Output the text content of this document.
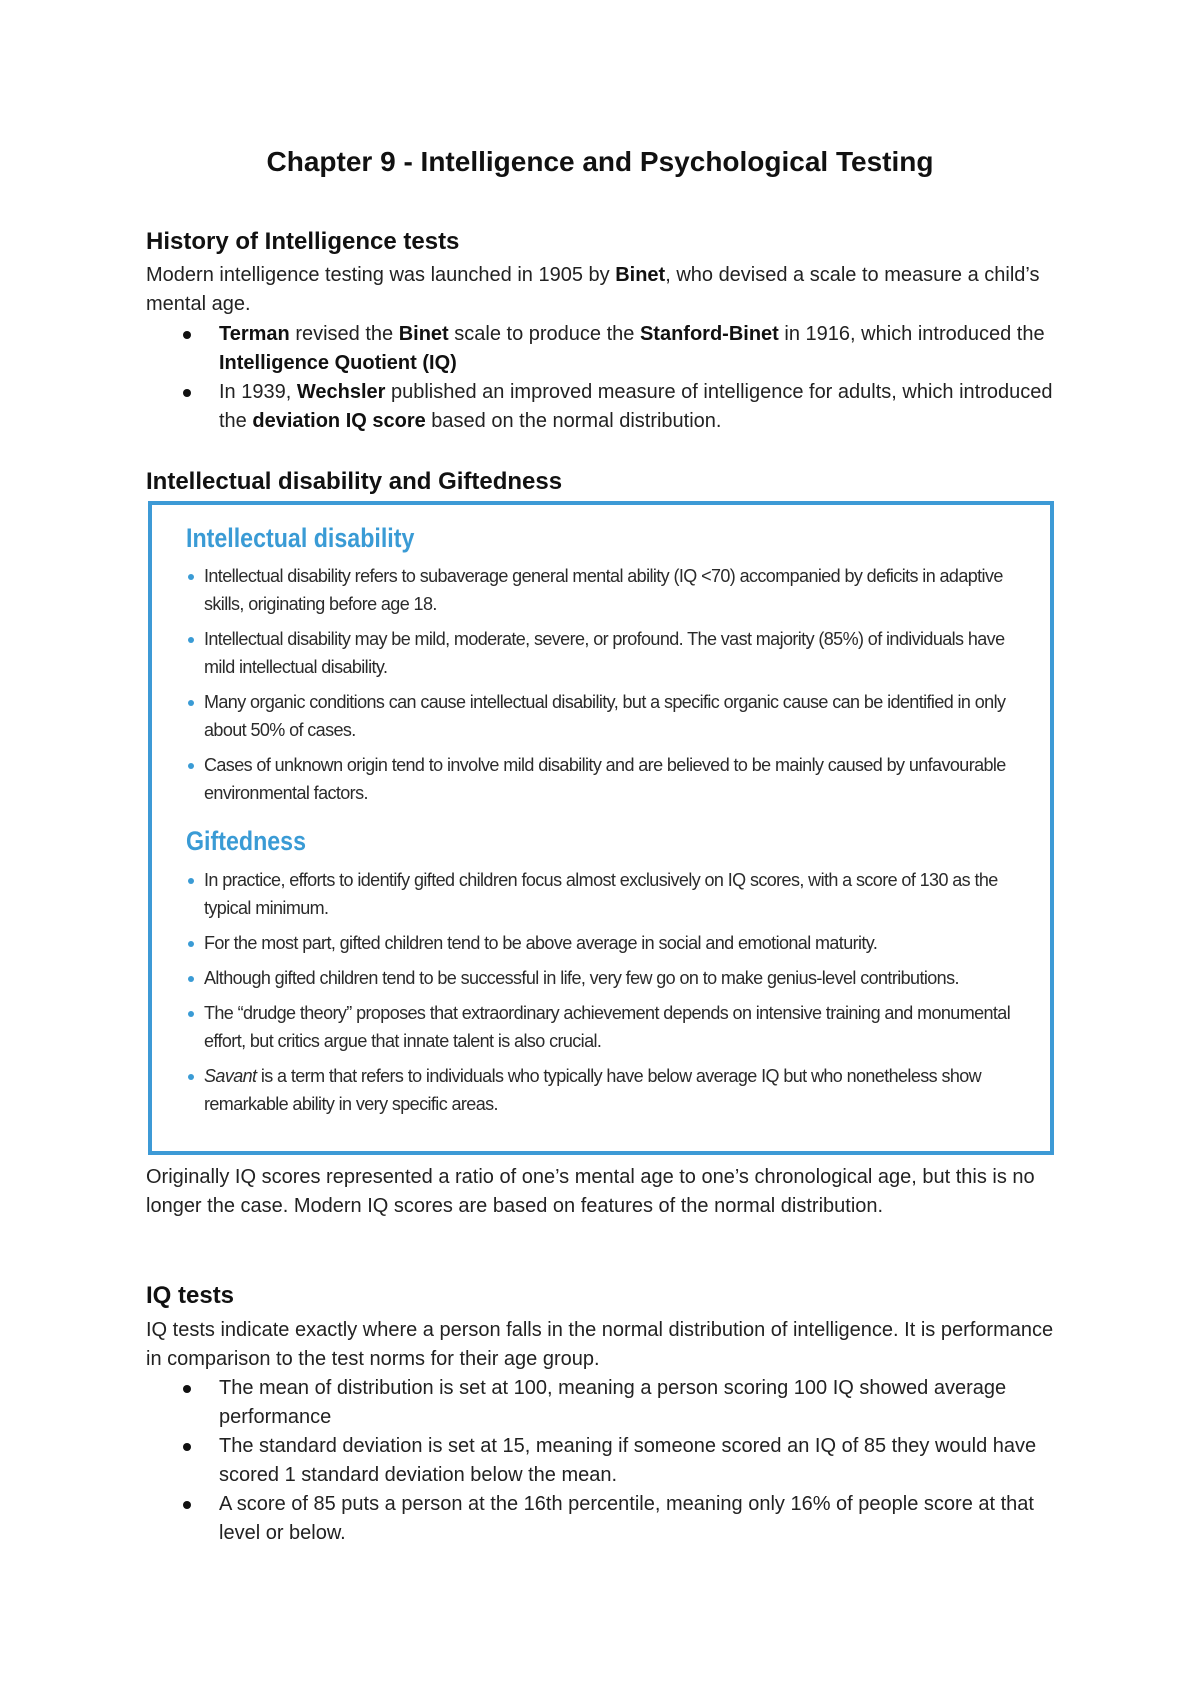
Chapter 9 - Intelligence and Psychological Testing
History of Intelligence tests

Modern intelligence testing was launched in 1905 by Binet, who devised a scale to measure a child’s mental age.

Terman revised the Binet scale to produce the Stanford-Binet in 1916, which introduced the Intelligence Quotient (IQ)
In 1939, Wechsler published an improved measure of intelligence for adults, which introduced the deviation IQ score based on the normal distribution.
Intellectual disability and Giftedness
Intellectual disability
Intellectual disability refers to subaverage general mental ability (IQ <70) accompanied by deficits in adaptive skills, originating before age 18.
Intellectual disability may be mild, moderate, severe, or profound. The vast majority (85%) of individuals have mild intellectual disability.
Many organic conditions can cause intellectual disability, but a specific organic cause can be identified in only about 50% of cases.
Cases of unknown origin tend to involve mild disability and are believed to be mainly caused by unfavourable environmental factors.
Giftedness
In practice, efforts to identify gifted children focus almost exclusively on IQ scores, with a score of 130 as the typical minimum.
For the most part, gifted children tend to be above average in social and emotional maturity.
Although gifted children tend to be successful in life, very few go on to make genius-level contributions.
The “drudge theory” proposes that extraordinary achievement depends on intensive training and monumental effort, but critics argue that innate talent is also crucial.
Savant is a term that refers to individuals who typically have below average IQ but who nonetheless show remarkable ability in very specific areas.

Originally IQ scores represented a ratio of one’s mental age to one’s chronological age, but this is no longer the case. Modern IQ scores are based on features of the normal distribution.

IQ tests

IQ tests indicate exactly where a person falls in the normal distribution of intelligence. It is performance in comparison to the test norms for their age group.

The mean of distribution is set at 100, meaning a person scoring 100 IQ showed average performance
The standard deviation is set at 15, meaning if someone scored an IQ of 85 they would have scored 1 standard deviation below the mean.
A score of 85 puts a person at the 16th percentile, meaning only 16% of people score at that level or below.
